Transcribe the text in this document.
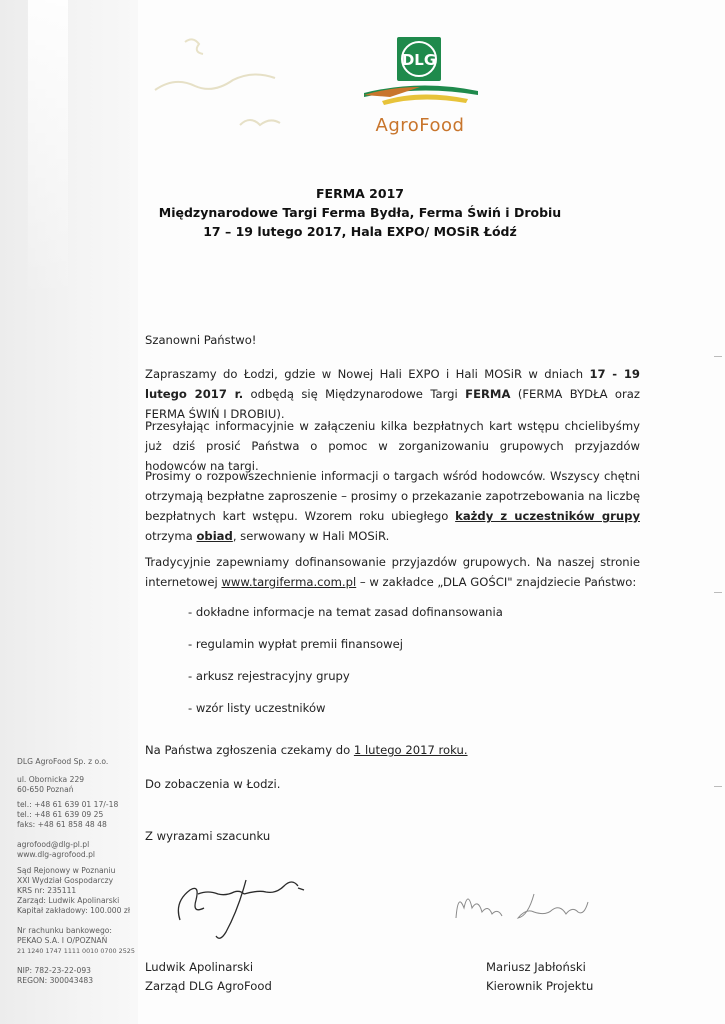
DLG
AgroFood
FERMA 2017
Międzynarodowe Targi Ferma Bydła, Ferma Świń i Drobiu
17 – 19 lutego 2017, Hala EXPO/ MOSiR Łódź
Szanowni Państwo!
Zapraszamy do Łodzi, gdzie w Nowej Hali EXPO i Hali MOSiR w dniach 17 - 19 lutego 2017 r. odbędą się Międzynarodowe Targi FERMA (FERMA BYDŁA oraz FERMA ŚWIŃ I DROBIU).
Przesyłając informacyjnie w załączeniu kilka bezpłatnych kart wstępu chcielibyśmy już dziś prosić Państwa o pomoc w zorganizowaniu grupowych przyjazdów hodowców na targi.
Prosimy o rozpowszechnienie informacji o targach wśród hodowców. Wszyscy chętni otrzymają bezpłatne zaproszenie – prosimy o przekazanie zapotrzebowania na liczbę bezpłatnych kart wstępu. Wzorem roku ubiegłego każdy z uczestników grupy otrzyma obiad, serwowany w Hali MOSiR.
Tradycyjnie zapewniamy dofinansowanie przyjazdów grupowych. Na naszej stronie internetowej www.targiferma.com.pl – w zakładce „DLA GOŚCI" znajdziecie Państwo:
- dokładne informacje na temat zasad dofinansowania
- regulamin wypłat premii finansowej
- arkusz rejestracyjny grupy
- wzór listy uczestników
Na Państwa zgłoszenia czekamy do 1 lutego 2017 roku.
Do zobaczenia w Łodzi.
Z wyrazami szacunku
Ludwik Apolinarski
Zarząd DLG AgroFood
Mariusz Jabłoński
Kierownik Projektu
DLG AgroFood Sp. z o.o.
ul. Obornicka 229
60-650 Poznań
tel.: +48 61 639 01 17/-18
tel.: +48 61 639 09 25
faks: +48 61 858 48 48
agrofood@dlg-pl.pl
www.dlg-agrofood.pl
Sąd Rejonowy w Poznaniu
XXI Wydział Gospodarczy
KRS nr: 235111
Zarząd: Ludwik Apolinarski
Kapitał zakładowy: 100.000 zł
Nr rachunku bankowego:
PEKAO S.A. I O/POZNAŃ
21 1240 1747 1111 0010 0700 2525
NIP: 782-23-22-093
REGON: 300043483
